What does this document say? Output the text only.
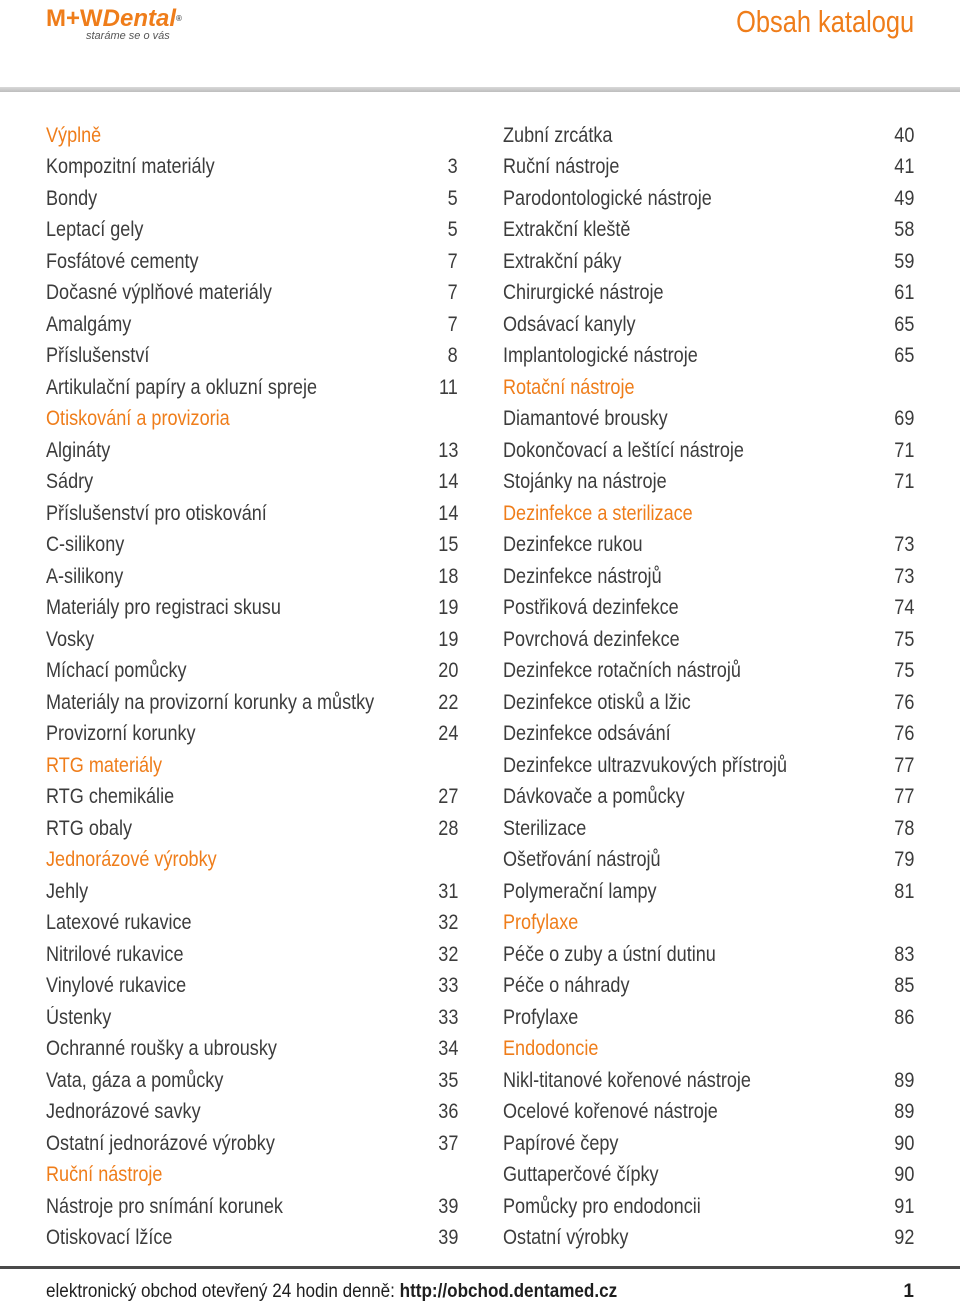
M+WDental®
staráme se o vás	Obsah katalogu
Výplně
Kompozitní materiály	3
Bondy	5
Leptací gely	5
Fosfátové cementy	7
Dočasné výplňové materiály	7
Amalgámy	7
Příslušenství	8
Artikulační papíry a okluzní spreje	11
Otiskování a provizoria
Algináty	13
Sádry	14
Příslušenství pro otiskování	14
C-silikony	15
A-silikony	18
Materiály pro registraci skusu	19
Vosky	19
Míchací pomůcky	20
Materiály na provizorní korunky a můstky	22
Provizorní korunky	24
RTG materiály
RTG chemikálie	27
RTG obaly	28
Jednorázové výrobky
Jehly	31
Latexové rukavice	32
Nitrilové rukavice	32
Vinylové rukavice	33
Ústenky	33
Ochranné roušky a ubrousky	34
Vata, gáza a pomůcky	35
Jednorázové savky	36
Ostatní jednorázové výrobky	37
Ruční nástroje
Nástroje pro snímání korunek	39
Otiskovací lžíce	39
Zubní zrcátka	40
Ruční nástroje	41
Parodontologické nástroje	49
Extrakční kleště	58
Extrakční páky	59
Chirurgické nástroje	61
Odsávací kanyly	65
Implantologické nástroje	65
Rotační nástroje
Diamantové brousky	69
Dokončovací a leštící nástroje	71
Stojánky na nástroje	71
Dezinfekce a sterilizace
Dezinfekce rukou	73
Dezinfekce nástrojů	73
Postřiková dezinfekce	74
Povrchová dezinfekce	75
Dezinfekce rotačních nástrojů	75
Dezinfekce otisků a lžic	76
Dezinfekce odsávání	76
Dezinfekce ultrazvukových přístrojů	77
Dávkovače a pomůcky	77
Sterilizace	78
Ošetřování nástrojů	79
Polymerační lampy	81
Profylaxe
Péče o zuby a ústní dutinu	83
Péče o náhrady	85
Profylaxe	86
Endodoncie
Nikl-titanové kořenové nástroje	89
Ocelové kořenové nástroje	89
Papírové čepy	90
Guttaperčové čípky	90
Pomůcky pro endodoncii	91
Ostatní výrobky	92
elektronický obchod otevřený 24 hodin denně: http://obchod.dentamed.cz	1
